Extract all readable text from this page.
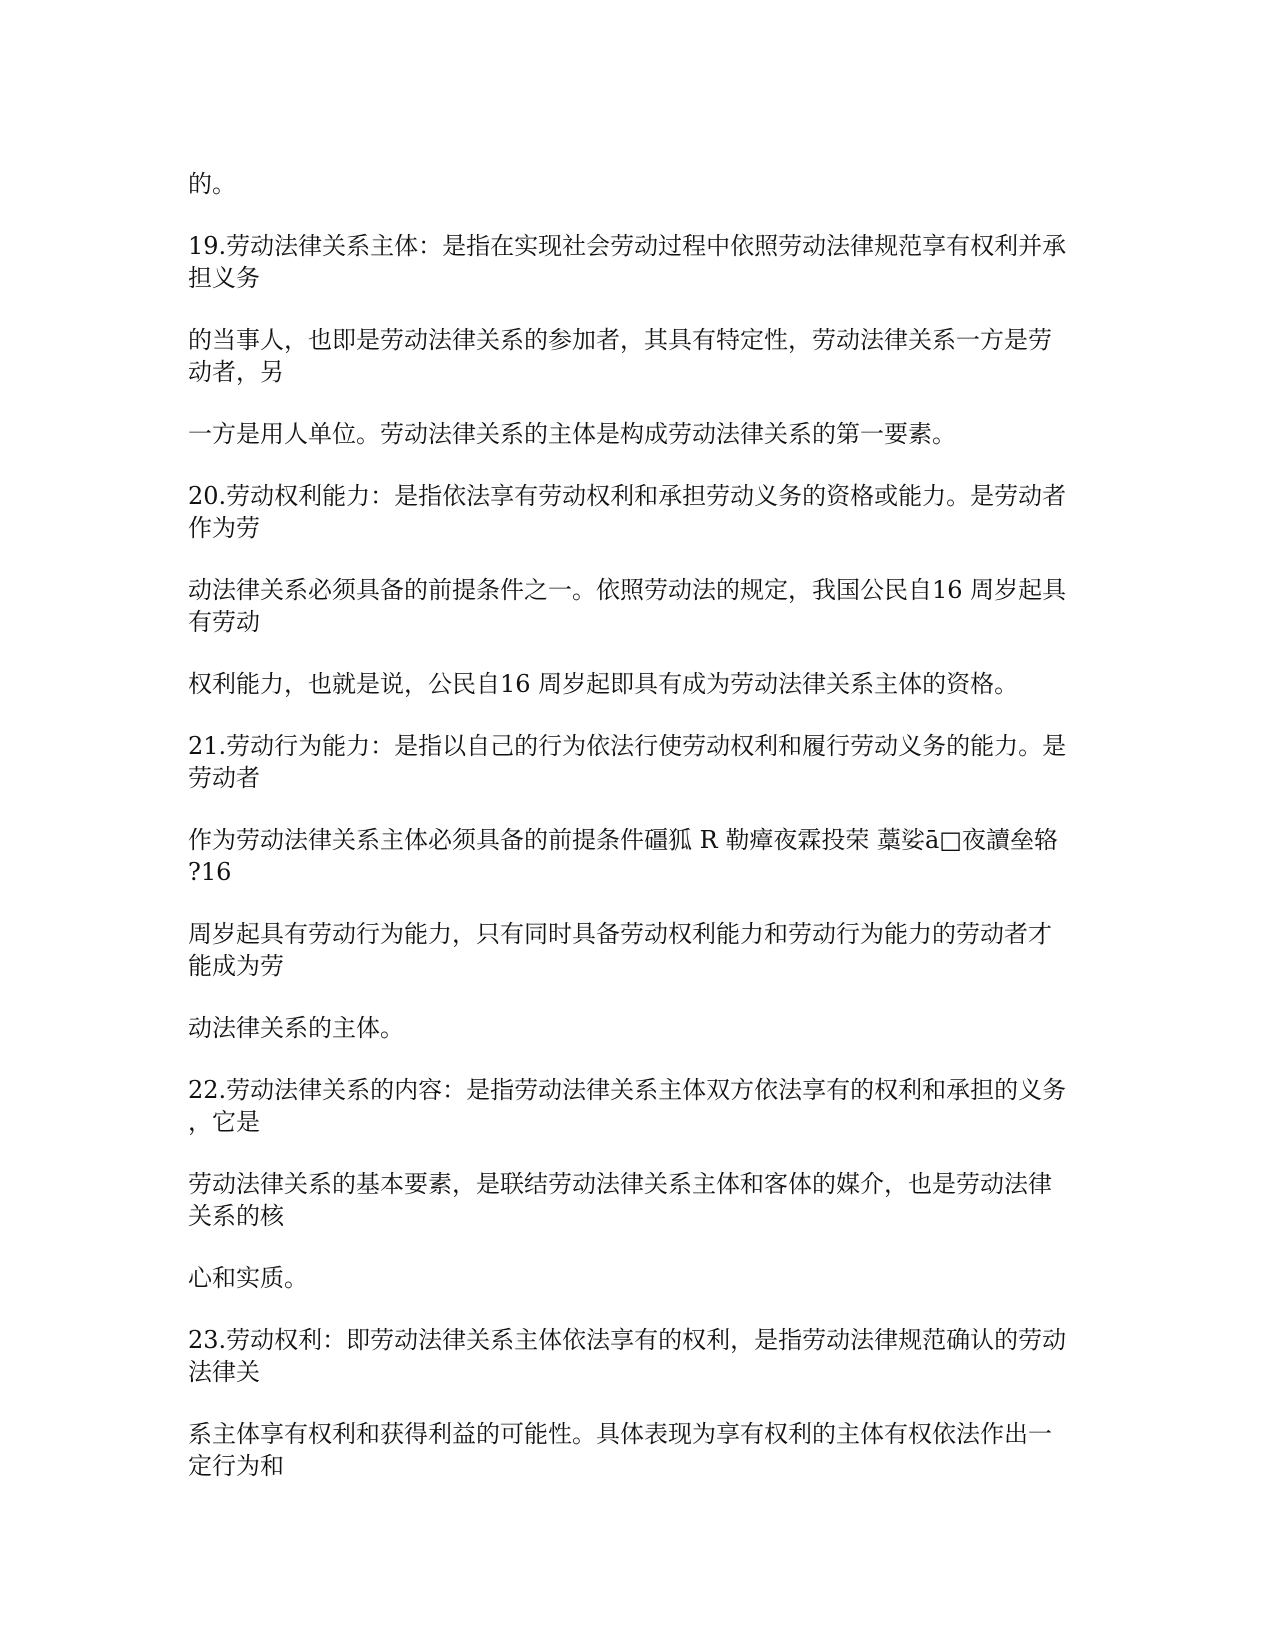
的。
19.劳动法律关系主体：是指在实现社会劳动过程中依照劳动法律规范享有权利并承
担义务
的当事人，也即是劳动法律关系的参加者，其具有特定性，劳动法律关系一方是劳
动者，另
一方是用人单位。劳动法律关系的主体是构成劳动法律关系的第一要素。
20.劳动权利能力：是指依法享有劳动权利和承担劳动义务的资格或能力。是劳动者
作为劳
动法律关系必须具备的前提条件之一。依照劳动法的规定，我国公民自16 周岁起具
有劳动
权利能力，也就是说，公民自16 周岁起即具有成为劳动法律关系主体的资格。
21.劳动行为能力：是指以自己的行为依法行使劳动权利和履行劳动义务的能力。是
劳动者
作为劳动法律关系主体必须具备的前提条件礓狐 R 勒瘴夜霖投荣 藁娑ā□夜讀垒辂
?16
周岁起具有劳动行为能力，只有同时具备劳动权利能力和劳动行为能力的劳动者才
能成为劳
动法律关系的主体。
22.劳动法律关系的内容：是指劳动法律关系主体双方依法享有的权利和承担的义务
，它是
劳动法律关系的基本要素，是联结劳动法律关系主体和客体的媒介，也是劳动法律
关系的核
心和实质。
23.劳动权利：即劳动法律关系主体依法享有的权利，是指劳动法律规范确认的劳动
法律关
系主体享有权利和获得利益的可能性。具体表现为享有权利的主体有权依法作出一
定行为和
